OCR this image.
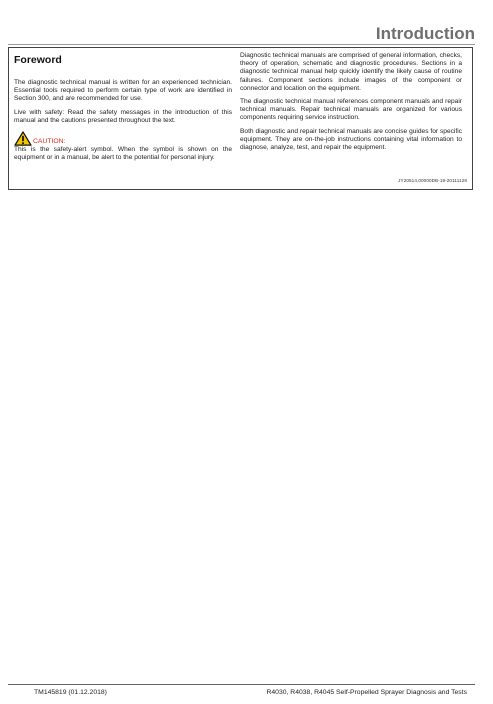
Introduction
Foreword

The diagnostic technical manual is written for an experienced technician. Essential tools required to perform certain type of work are identified in Section 300, and are recommended for use.

Live with safety: Read the safety messages in the introduction of this manual and the cautions presented throughout the text.

CAUTION:

This is the safety-alert symbol. When the symbol is shown on the equipment or in a manual, be alert to the potential for personal injury.

Diagnostic technical manuals are comprised of general information, checks, theory of operation, schematic and diagnostic procedures. Sections in a diagnostic technical manual help quickly identify the likely cause of routine failures. Component sections include images of the component or connector and location on the equipment.

The diagnostic technical manual references component manuals and repair technical manuals. Repair technical manuals are organized for various components requiring service instruction.

Both diagnostic and repair technical manuals are concise guides for specific equipment. They are on-the-job instructions containing vital information to diagnose, analyze, test, and repair the equipment.

JY20514,00000DB-19-20111128
TM145819 (01.12.2018)	R4030, R4038, R4045 Self-Propelled Sprayer Diagnosis and Tests
